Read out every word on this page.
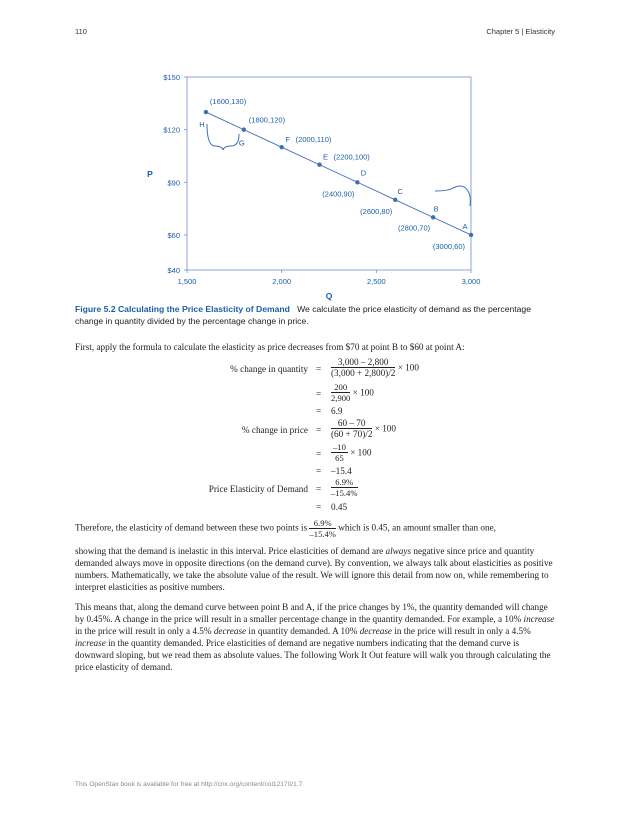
110	Chapter 5 | Elasticity
1,500	2,000	2,500	3,000
$40
$60
$90
$120
$150
P
Q
H
(1600,130)
G
(1800,120)
F (2000,110)
E (2200,100)
D
(2400,90)	C
(2600,80)	B
(2800,70)	A
(3000,60)
Figure 5.2 Calculating the Price Elasticity of Demand We calculate the price elasticity of demand as the percentage change in quantity divided by the percentage change in price.

First, apply the formula to calculate the elasticity as price decreases from $70 at point B to $60 at point A:

% change in quantity = $\frac{3,000 - 2,800}{(3,000 + 2,800)/2} \times 100$
= $\frac{200}{2,900} \times 100$
= 6.9
% change in price = $\frac{60 - 70}{(60 + 70)/2} \times 100$
= $\frac{-10}{65} \times 100$
= –15.4
Price Elasticity of Demand = $\frac{6.9\%}{-15.4\%}$
= 0.45
Therefore, the elasticity of demand between these two points is $\frac{6.9\%}{-15.4\%}$ which is 0.45, an amount smaller than one,

showing that the demand is inelastic in this interval. Price elasticities of demand are always negative since price and quantity demanded always move in opposite directions (on the demand curve). By convention, we always talk about elasticities as positive numbers. Mathematically, we take the absolute value of the result. We will ignore this detail from now on, while remembering to interpret elasticities as positive numbers.

This means that, along the demand curve between point B and A, if the price changes by 1%, the quantity demanded will change by 0.45%. A change in the price will result in a smaller percentage change in the quantity demanded. For example, a 10% increase in the price will result in only a 4.5% decrease in quantity demanded. A 10% decrease in the price will result in only a 4.5% increase in the quantity demanded. Price elasticities of demand are negative numbers indicating that the demand curve is downward sloping, but we read them as absolute values. The following Work It Out feature will walk you through calculating the price elasticity of demand.

This OpenStax book is available for free at http://cnx.org/content/col12170/1.7
